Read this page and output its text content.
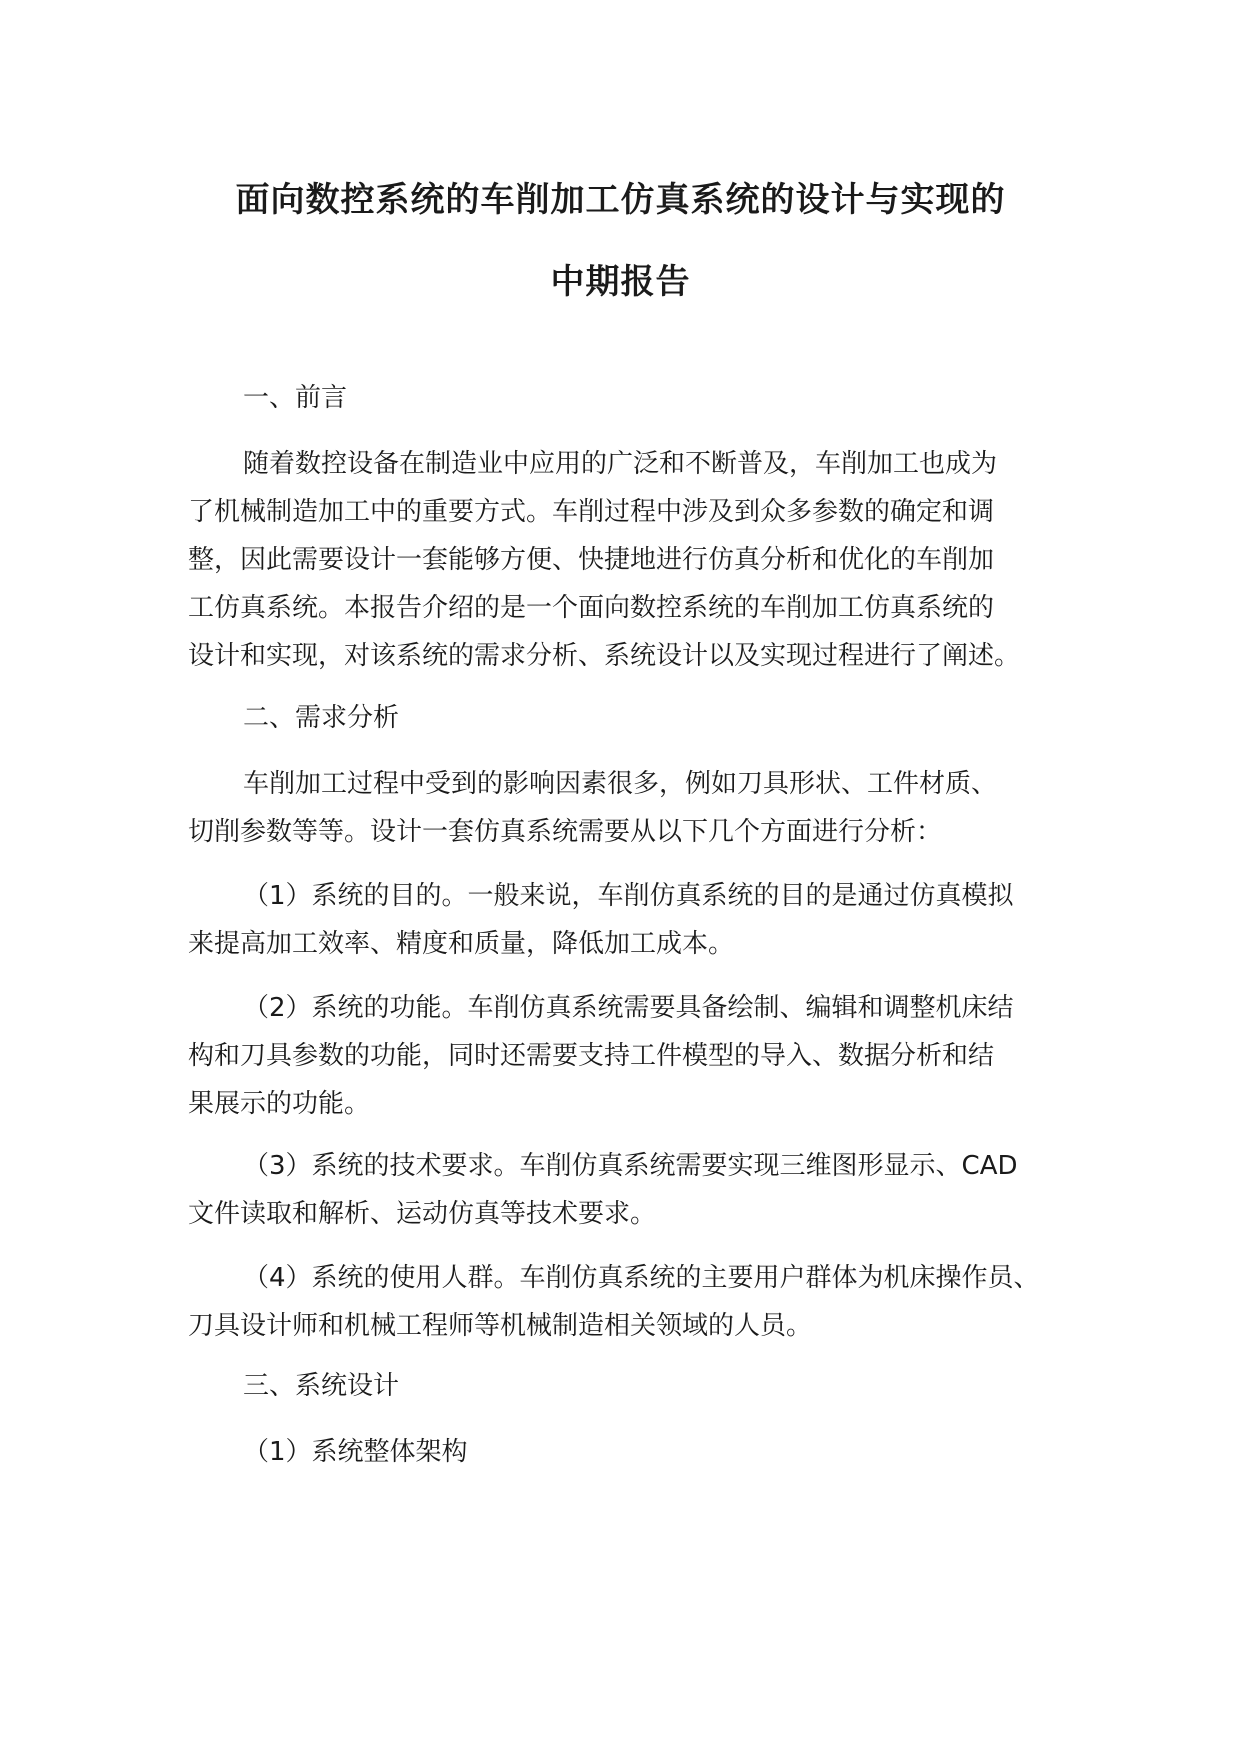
面向数控系统的车削加工仿真系统的设计与实现的
中期报告
一、前言
随着数控设备在制造业中应用的广泛和不断普及，车削加工也成为
了机械制造加工中的重要方式。车削过程中涉及到众多参数的确定和调
整，因此需要设计一套能够方便、快捷地进行仿真分析和优化的车削加
工仿真系统。本报告介绍的是一个面向数控系统的车削加工仿真系统的
设计和实现，对该系统的需求分析、系统设计以及实现过程进行了阐述。
二、需求分析
车削加工过程中受到的影响因素很多，例如刀具形状、工件材质、
切削参数等等。设计一套仿真系统需要从以下几个方面进行分析：
（1）系统的目的。一般来说，车削仿真系统的目的是通过仿真模拟
来提高加工效率、精度和质量，降低加工成本。
（2）系统的功能。车削仿真系统需要具备绘制、编辑和调整机床结
构和刀具参数的功能，同时还需要支持工件模型的导入、数据分析和结
果展示的功能。
（3）系统的技术要求。车削仿真系统需要实现三维图形显示、CAD
文件读取和解析、运动仿真等技术要求。
（4）系统的使用人群。车削仿真系统的主要用户群体为机床操作员、
刀具设计师和机械工程师等机械制造相关领域的人员。
三、系统设计
（1）系统整体架构
